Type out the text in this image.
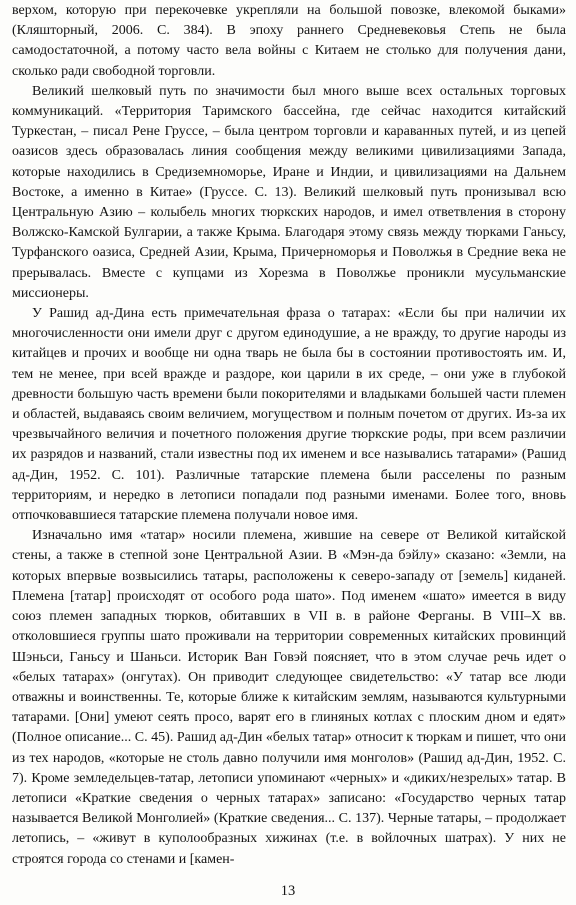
верхом, которую при перекочевке укрепляли на большой повозке, влекомой быками» (Кляшторный, 2006. С. 384). В эпоху раннего Средневековья Степь не была самодостаточной, а потому часто вела войны с Китаем не столько для получения дани, сколько ради свободной торговли.

Великий шелковый путь по значимости был много выше всех остальных торговых коммуникаций. «Территория Таримского бассейна, где сейчас находится китайский Туркестан, – писал Рене Груссе, – была центром торговли и караванных путей, и из цепей оазисов здесь образовалась линия сообщения между великими цивилизациями Запада, которые находились в Средиземноморье, Иране и Индии, и цивилизациями на Дальнем Востоке, а именно в Китае» (Груссе. С. 13). Великий шелковый путь пронизывал всю Центральную Азию – колыбель многих тюркских народов, и имел ответвления в сторону Волжско-Камской Булгарии, а также Крыма. Благодаря этому связь между тюрками Ганьсу, Турфанского оазиса, Средней Азии, Крыма, Причерноморья и Поволжья в Средние века не прерывалась. Вместе с купцами из Хорезма в Поволжье проникли мусульманские миссионеры.

У Рашид ад-Дина есть примечательная фраза о татарах: «Если бы при наличии их многочисленности они имели друг с другом единодушие, а не вражду, то другие народы из китайцев и прочих и вообще ни одна тварь не была бы в состоянии противостоять им. И, тем не менее, при всей вражде и раздоре, кои царили в их среде, – они уже в глубокой древности большую часть времени были покорителями и владыками большей части племен и областей, выдаваясь своим величием, могуществом и полным почетом от других. Из-за их чрезвычайного величия и почетного положения другие тюркские роды, при всем различии их разрядов и названий, стали известны под их именем и все назывались татарами» (Рашид ад-Дин, 1952. С. 101). Различные татарские племена были расселены по разным территориям, и нередко в летописи попадали под разными именами. Более того, вновь отпочковавшиеся татарские племена получали новое имя.

Изначально имя «татар» носили племена, жившие на севере от Великой китайской стены, а также в степной зоне Центральной Азии. В «Мэн-да бэйлу» сказано: «Земли, на которых впервые возвысились татары, расположены к северо-западу от [земель] киданей. Племена [татар] происходят от особого рода шато». Под именем «шато» имеется в виду союз племен западных тюрков, обитавших в VII в. в районе Ферганы. В VIII–X вв. отколовшиеся группы шато проживали на территории современных китайских провинций Шэньси, Ганьсу и Шаньси. Историк Ван Говэй поясняет, что в этом случае речь идет о «белых татарах» (онгутах). Он приводит следующее свидетельство: «У татар все люди отважны и воинственны. Те, которые ближе к китайским землям, называются культурными татарами. [Они] умеют сеять просо, варят его в глиняных котлах с плоским дном и едят» (Полное описание... С. 45). Рашид ад-Дин «белых татар» относит к тюркам и пишет, что они из тех народов, «которые не столь давно получили имя монголов» (Рашид ад-Дин, 1952. С. 7). Кроме земледельцев-татар, летописи упоминают «черных» и «диких/незрелых» татар. В летописи «Краткие сведения о черных татарах» записано: «Государство черных татар называется Великой Монголией» (Краткие сведения... С. 137). Черные татары, – продолжает летопись, – «живут в куполообразных хижинах (т.е. в войлочных шатрах). У них не строятся города со стенами и [камен-

13
